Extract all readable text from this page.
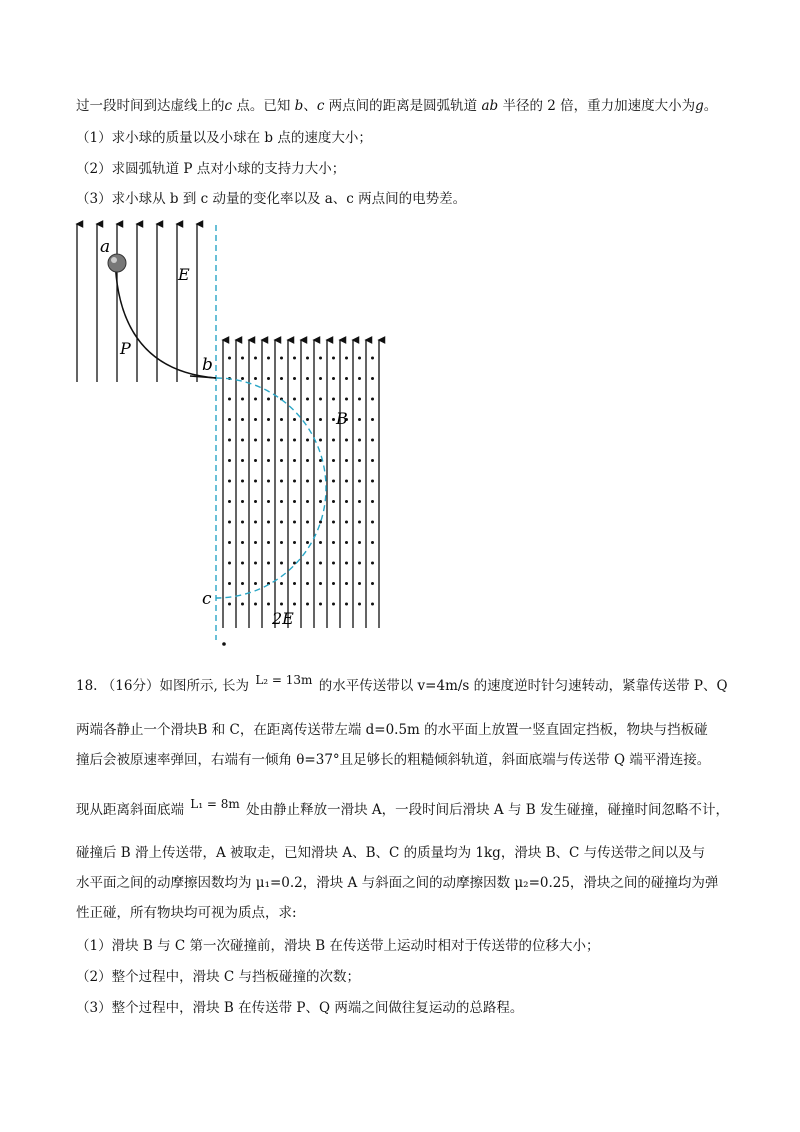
过一段时间到达虚线上的c 点。已知 b、c 两点间的距离是圆弧轨道 ab 半径的 2 倍，重力加速度大小为g。
（1）求小球的质量以及小球在 b 点的速度大小；
（2）求圆弧轨道 P 点对小球的支持力大小；
（3）求小球从 b 到 c 动量的变化率以及 a、c 两点间的电势差。
a
E
P
b
B
c
2E
18. （16分）如图所示, 长为 L₂ = 13m 的水平传送带以 v=4m/s 的速度逆时针匀速转动，紧靠传送带 P、Q
两端各静止一个滑块B 和 C，在距离传送带左端 d=0.5m 的水平面上放置一竖直固定挡板，物块与挡板碰
撞后会被原速率弹回，右端有一倾角 θ=37°且足够长的粗糙倾斜轨道，斜面底端与传送带 Q 端平滑连接。
现从距离斜面底端 L₁ = 8m 处由静止释放一滑块 A，一段时间后滑块 A 与 B 发生碰撞，碰撞时间忽略不计，
碰撞后 B 滑上传送带，A 被取走，已知滑块 A、B、C 的质量均为 1kg，滑块 B、C 与传送带之间以及与
水平面之间的动摩擦因数均为 μ₁=0.2，滑块 A 与斜面之间的动摩擦因数 μ₂=0.25，滑块之间的碰撞均为弹
性正碰，所有物块均可视为质点，求:
（1）滑块 B 与 C 第一次碰撞前，滑块 B 在传送带上运动时相对于传送带的位移大小；
（2）整个过程中，滑块 C 与挡板碰撞的次数；
（3）整个过程中，滑块 B 在传送带 P、Q 两端之间做往复运动的总路程。
